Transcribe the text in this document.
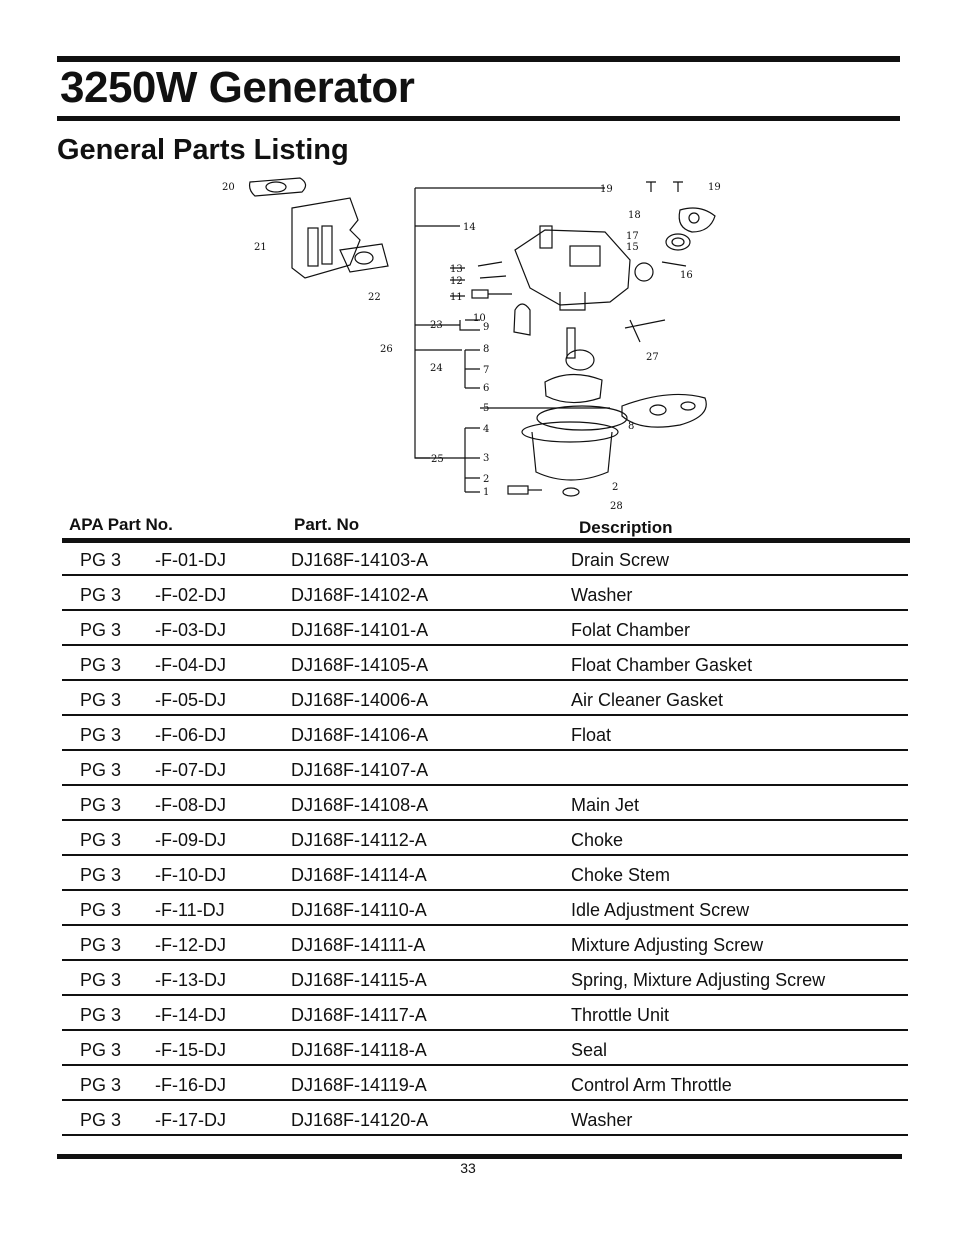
3250W Generator
General Parts Listing
20
21
22
19	19
14
18
17
15
16
13
12
11
10
9
23
26	8
7
6
24
27
5
8
4
3
25
2
1	2
28
APA Part No.	Part. No	Description
PG 3 -F-01-DJ	DJ168F-14103-A	Drain Screw
PG 3 -F-02-DJ	DJ168F-14102-A	Washer
PG 3 -F-03-DJ	DJ168F-14101-A	Folat Chamber
PG 3 -F-04-DJ	DJ168F-14105-A	Float Chamber Gasket
PG 3 -F-05-DJ	DJ168F-14006-A	Air Cleaner Gasket
PG 3 -F-06-DJ	DJ168F-14106-A	Float
PG 3 -F-07-DJ	DJ168F-14107-A
PG 3 -F-08-DJ	DJ168F-14108-A	Main Jet
PG 3 -F-09-DJ	DJ168F-14112-A	Choke
PG 3 -F-10-DJ	DJ168F-14114-A	Choke Stem
PG 3 -F-11-DJ	DJ168F-14110-A	Idle Adjustment Screw
PG 3 -F-12-DJ	DJ168F-14111-A	Mixture Adjusting Screw
PG 3 -F-13-DJ	DJ168F-14115-A	Spring, Mixture Adjusting Screw
PG 3 -F-14-DJ	DJ168F-14117-A	Throttle Unit
PG 3 -F-15-DJ	DJ168F-14118-A	Seal
PG 3 -F-16-DJ	DJ168F-14119-A	Control Arm Throttle
PG 3 -F-17-DJ	DJ168F-14120-A	Washer
33
